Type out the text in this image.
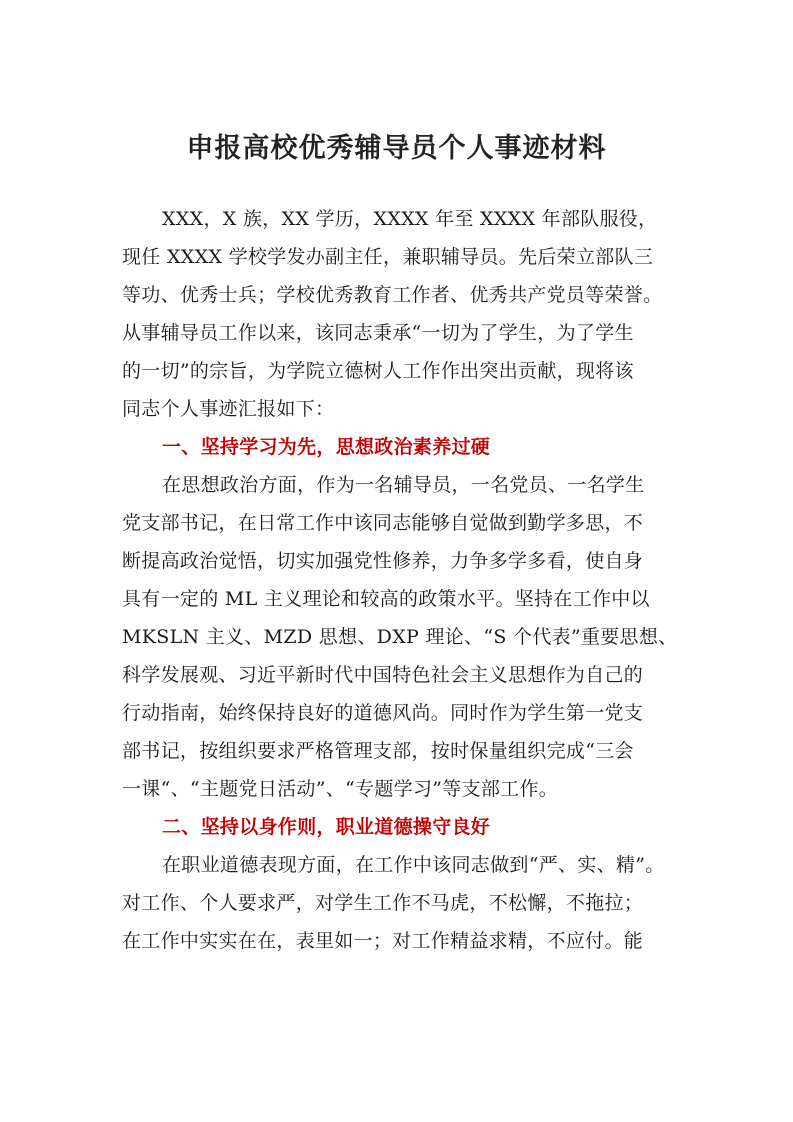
申报高校优秀辅导员个人事迹材料
XXX，X 族，XX 学历，XXXX 年至 XXXX 年部队服役，
现任 XXXX 学校学发办副主任，兼职辅导员。先后荣立部队三
等功、优秀士兵；学校优秀教育工作者、优秀共产党员等荣誉。
从事辅导员工作以来，该同志秉承“一切为了学生，为了学生
的一切”的宗旨，为学院立德树人工作作出突出贡献，现将该
同志个人事迹汇报如下：
一、坚持学习为先，思想政治素养过硬
在思想政治方面，作为一名辅导员，一名党员、一名学生
党支部书记，在日常工作中该同志能够自觉做到勤学多思，不
断提高政治觉悟，切实加强党性修养，力争多学多看，使自身
具有一定的 ML 主义理论和较高的政策水平。坚持在工作中以
MKSLN 主义、MZD 思想、DXP 理论、“S 个代表”重要思想、
科学发展观、习近平新时代中国特色社会主义思想作为自己的
行动指南，始终保持良好的道德风尚。同时作为学生第一党支
部书记，按组织要求严格管理支部，按时保量组织完成“三会
一课“、“主题党日活动”、“专题学习”等支部工作。
二、坚持以身作则，职业道德操守良好
在职业道德表现方面，在工作中该同志做到“严、实、精”。
对工作、个人要求严，对学生工作不马虎，不松懈，不拖拉；
在工作中实实在在，表里如一；对工作精益求精，不应付。能
